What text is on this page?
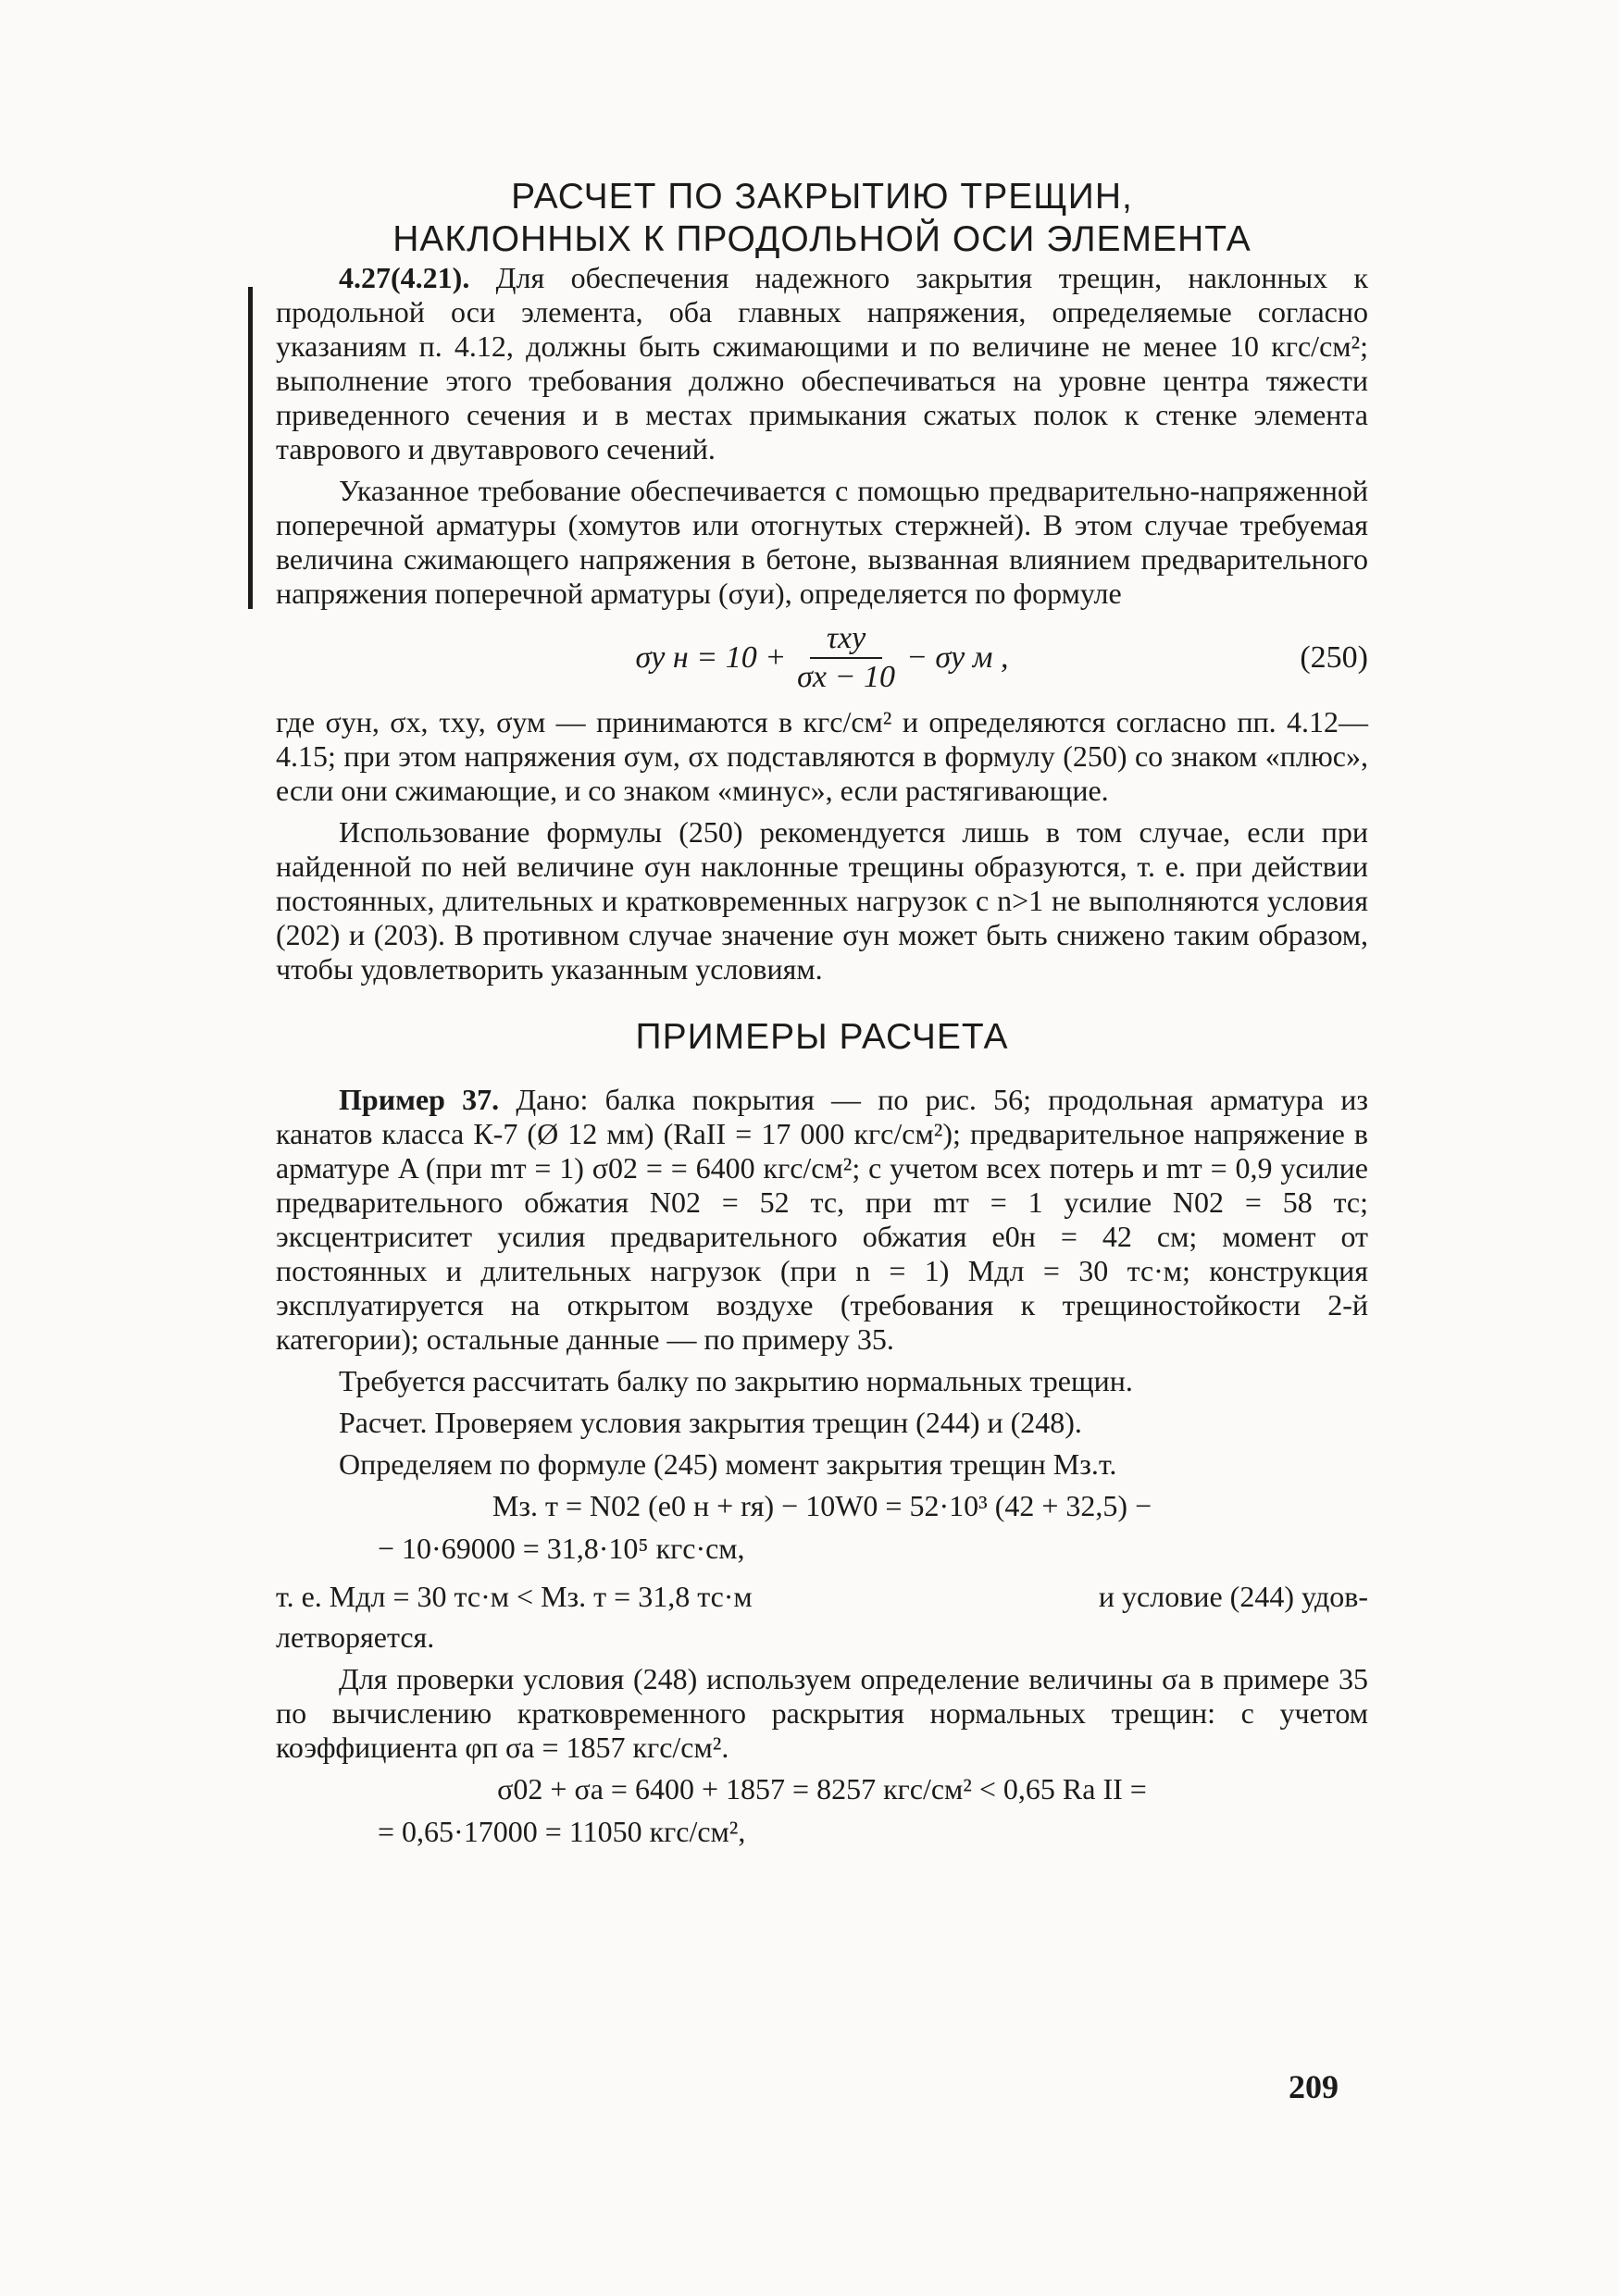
РАСЧЕТ ПО ЗАКРЫТИЮ ТРЕЩИН,
НАКЛОННЫХ К ПРОДОЛЬНОЙ ОСИ ЭЛЕМЕНТА

4.27(4.21). Для обеспечения надежного закрытия трещин, наклонных к продольной оси элемента, оба главных напряжения, определяемые согласно указаниям п. 4.12, должны быть сжимающими и по величине не менее 10 кгс/см²; выполнение этого требования должно обеспечиваться на уровне центра тяжести приведенного сечения и в местах примыкания сжатых полок к стенке элемента таврового и двутаврового сечений.

Указанное требование обеспечивается с помощью предварительно-напряженной поперечной арматуры (хомутов или отогнутых стержней). В этом случае требуемая величина сжимающего напряжения в бетоне, вызванная влиянием предварительного напряжения поперечной арматуры (σуи), определяется по формуле

σу $н = 10 + \frac{\text{τxy}}{\sigma x - 10} - \sigma у$ м ,	(250)

где σун, σx, τxy, σум — принимаются в кгс/см² и определяются согласно пп. 4.12—4.15; при этом напряжения σум, σx подставляются в формулу (250) со знаком «плюс», если они сжимающие, и со знаком «минус», если растягивающие.

Использование формулы (250) рекомендуется лишь в том случае, если при найденной по ней величине σун наклонные трещины образуются, т. е. при действии постоянных, длительных и кратковременных нагрузок с n>1 не выполняются условия (202) и (203). В противном случае значение σун может быть снижено таким образом, чтобы удовлетворить указанным условиям.

ПРИМЕРЫ РАСЧЕТА

Пример 37. Дано: балка покрытия — по рис. 56; продольная арматура из канатов класса К-7 (Ø 12 мм) (RаII = 17 000 кгс/см²); предварительное напряжение в арматуре A (при mт = 1) σ02 = = 6400 кгс/см²; с учетом всех потерь и mт = 0,9 усилие предварительного обжатия N02 = 52 тс, при mт = 1 усилие N02 = 58 тс; эксцентриситет усилия предварительного обжатия e0н = 42 см; момент от постоянных и длительных нагрузок (при n = 1) Mдл = 30 тс·м; конструкция эксплуатируется на открытом воздухе (требования к трещиностойкости 2-й категории); остальные данные — по примеру 35.

Требуется рассчитать балку по закрытию нормальных трещин.

Расчет. Проверяем условия закрытия трещин (244) и (248).

Определяем по формуле (245) момент закрытия трещин Mз.т.

Mз. т = N02 (e0 н + rя) − 10W0 = 52·10³ (42 + 32,5) −
− 10·69000 = 31,8·10⁵ кгс·см,
т. е. Mдл = 30 тс·м < Mз. т = 31,8 тс·м	и условие (244) удов-

летворяется.

Для проверки условия (248) используем определение величины σа в примере 35 по вычислению кратковременного раскрытия нормальных трещин: с учетом коэффициента φп σа = 1857 кгс/см².

σ02 + σа = 6400 + 1857 = 8257 кгс/см² < 0,65 Rа II =
= 0,65·17000 = 11050 кгс/см²,
209
